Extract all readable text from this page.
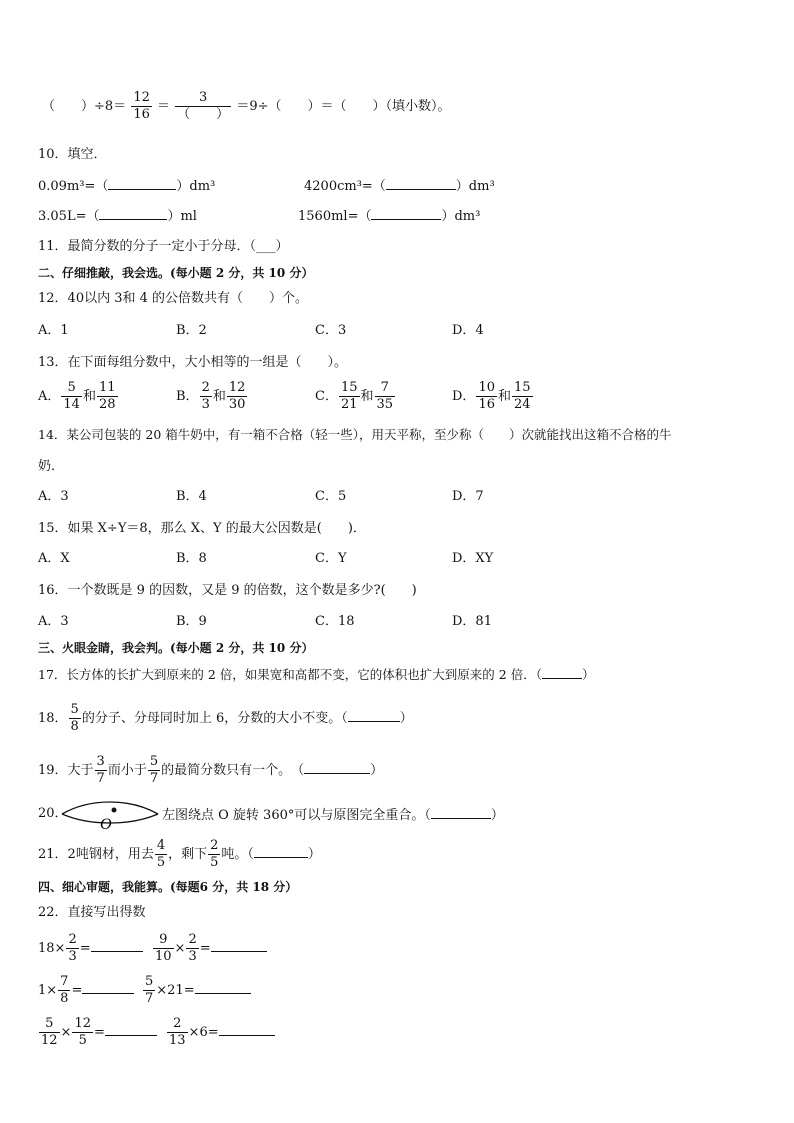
（　　）$\div 8= \frac{12}{16} = \frac{3}{( )} =9\div$（　　）＝（　　）（填小数）。
10．填空．
0.09m³=（	）dm³	4200cm³=（	）dm³
3.05L=（	）ml	1560ml=（	）dm³
11．最简分数的分子一定小于分母．（___）
二、仔细推敲，我会选。(每小题 2 分，共 10 分）
12．40以内 3和 4 的公倍数共有（　　）个。
A．1	B．2	C．3	D．4
13．在下面每组分数中，大小相等的一组是（　　）。
A． $\frac{5}{14}$ 和 $\frac{11}{28}$	B． $\frac{2}{3}$ 和 $\frac{12}{30}$	C． $\frac{15}{21}$ 和 $\frac{7}{35}$	D． $\frac{10}{16}$ 和 $\frac{15}{24}$
14．某公司包装的 20 箱牛奶中，有一箱不合格（轻一些），用天平称，至少称（　　）次就能找出这箱不合格的牛
奶．
A．3	B．4	C．5	D．7
15．如果 X÷Y＝8，那么 X、Y 的最大公因数是(　　)．
A．X	B．8	C．Y	D．XY
16．一个数既是 9 的因数，又是 9 的倍数，这个数是多少?(　　)
A．3	B．9	C．18	D．81
三、火眼金睛，我会判。(每小题 2 分，共 10 分）
17．长方体的长扩大到原来的 2 倍，如果宽和高都不变，它的体积也扩大到原来的 2 倍．（	）
18． $\frac{5}{8}$ 的分子、分母同时加上 6，分数的大小不变。（	）
19．大于 $\frac{3}{7}$ 而小于 $\frac{5}{7}$ 的最简分数只有一个。　（	）
20．
O
左图绕点 O 旋转 360°可以与原图完全重合。（	）
21．2吨钢材，用去 $\frac{4}{5}$ ，剩下 $\frac{2}{5}$ 吨。（	）
四、细心审题，我能算。(每题6 分，共 18 分）
22．直接写出得数
$18\times \frac{2}{3}$ =	$\frac{9}{10} \times \frac{2}{3}$ =
$1\times \frac{7}{8}$ =	$\frac{5}{7} \times 21=$
$\frac{5}{12} \times \frac{12}{5}$ =	$\frac{2}{13} \times 6=$
